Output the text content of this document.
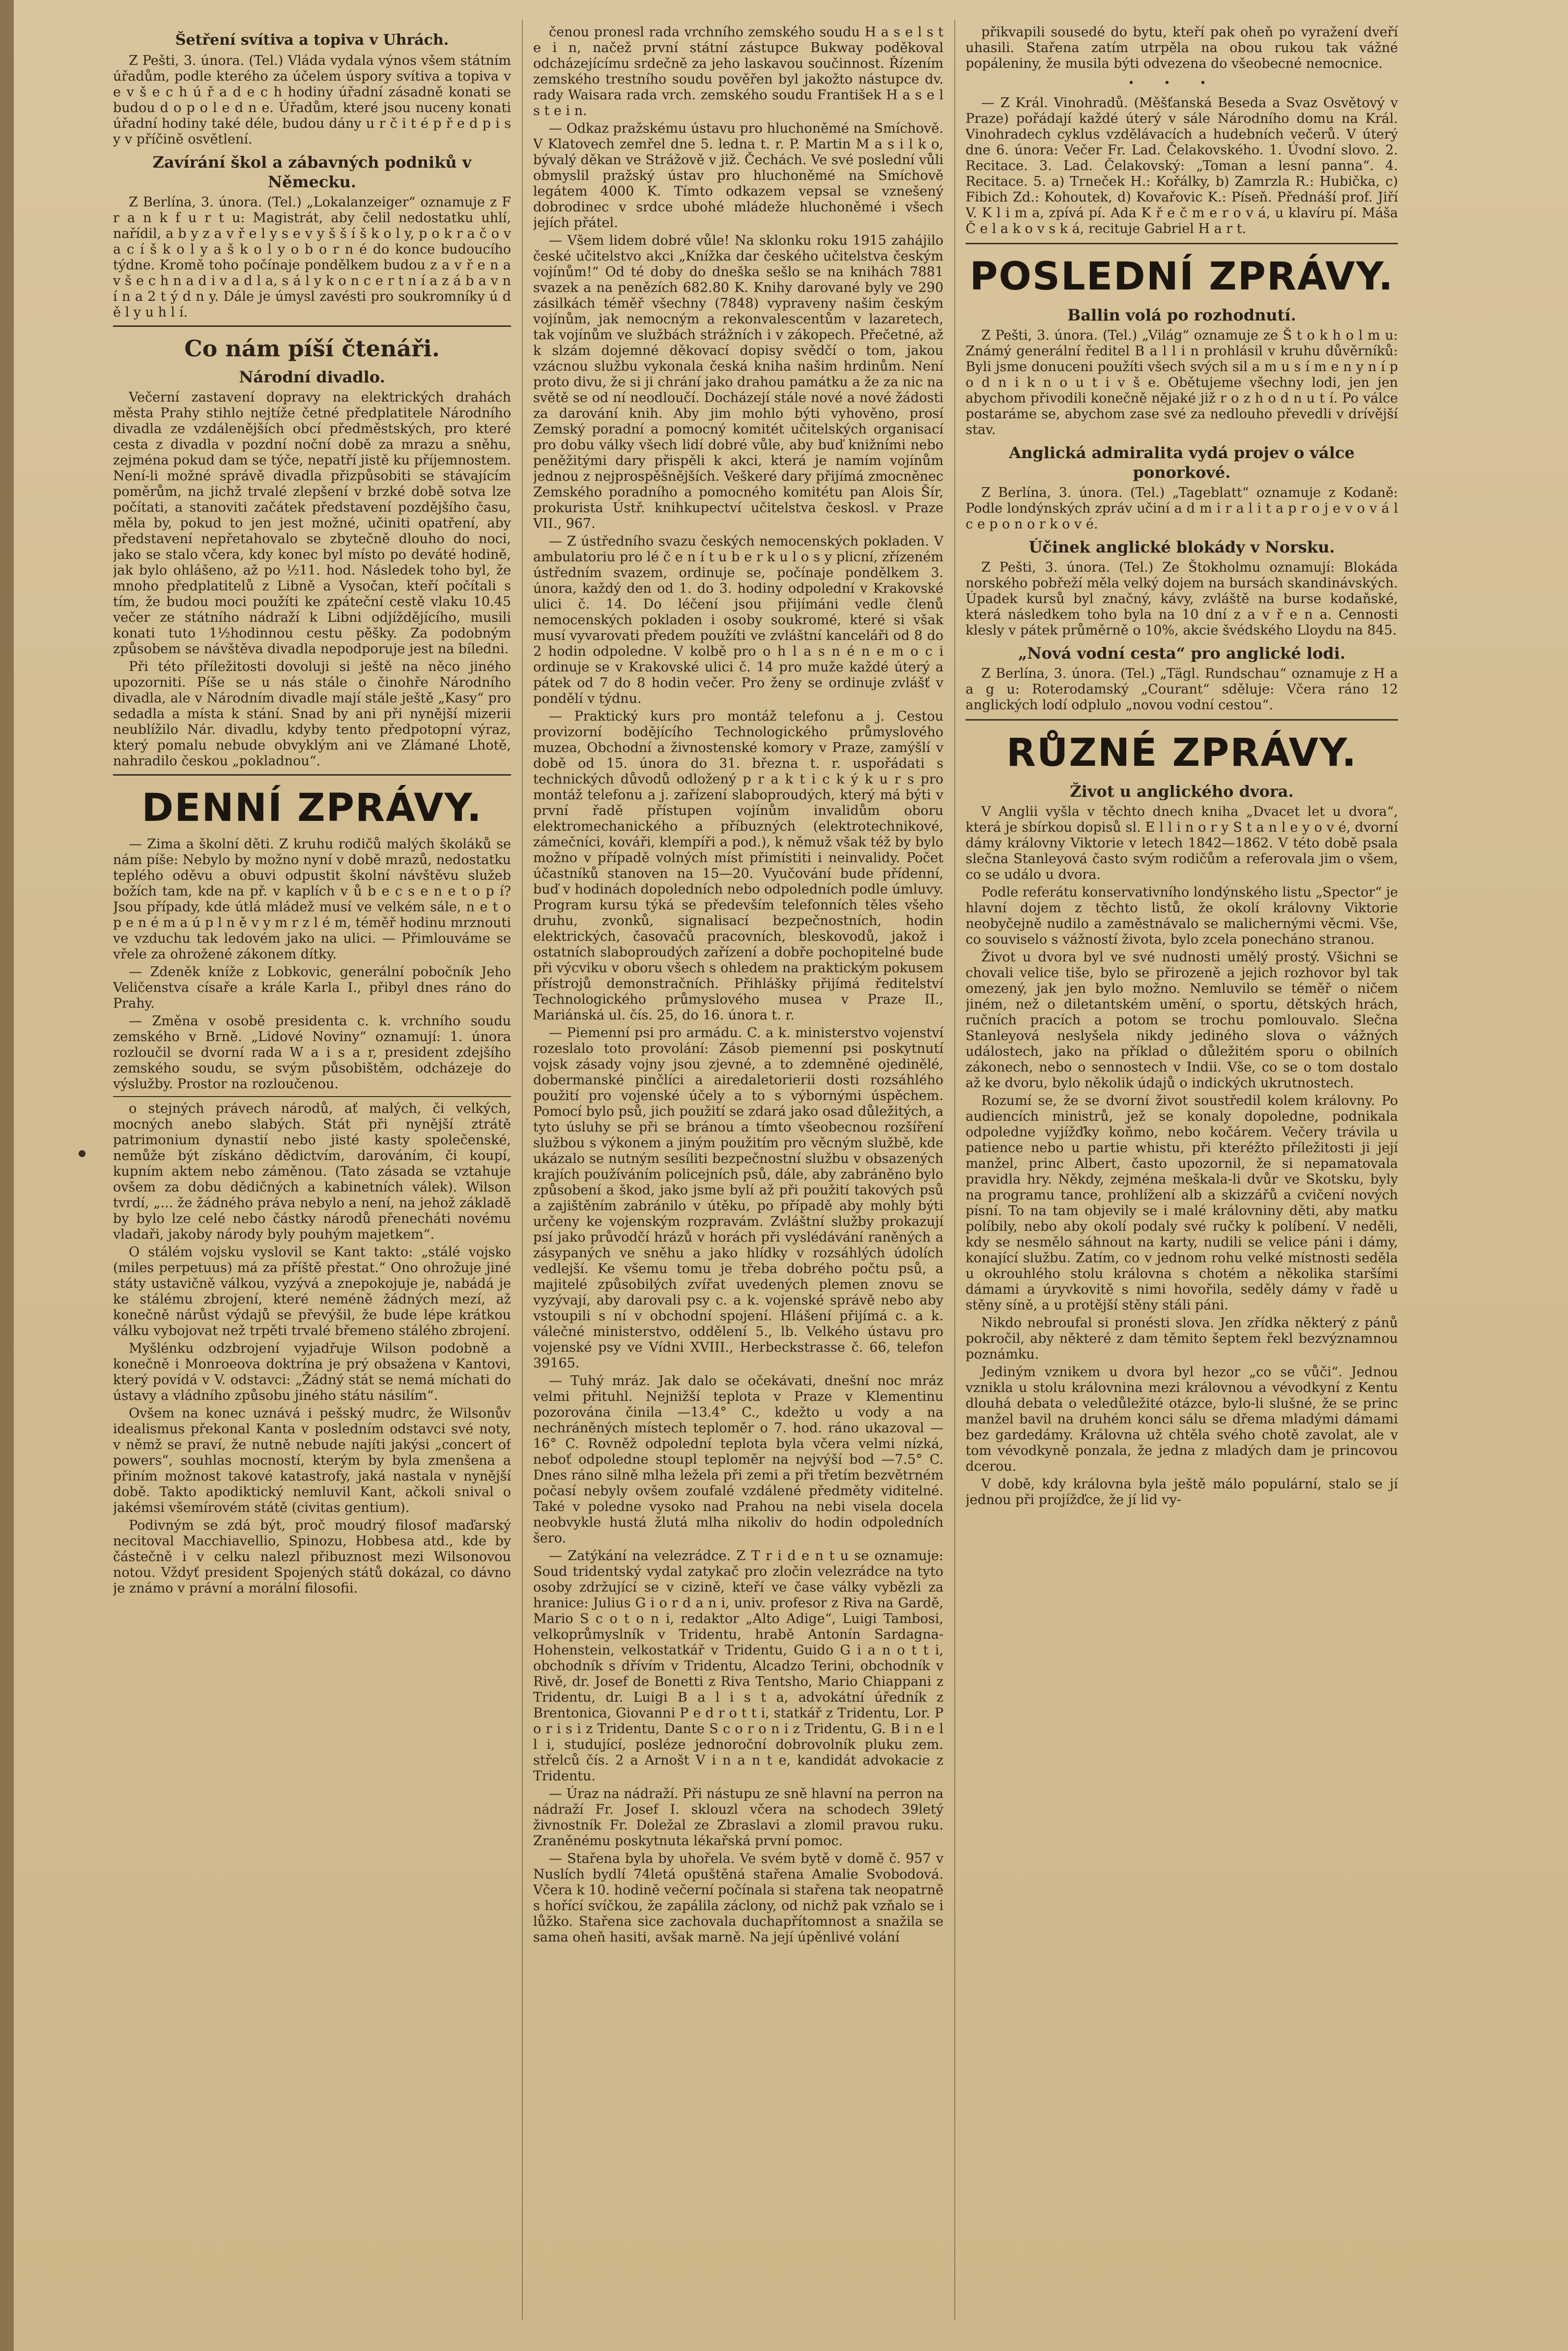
Šetření svítiva a topiva v Uhrách.

Z Pešti, 3. února. (Tel.) Vláda vydala výnos všem státním úřadům, podle kterého za účelem úspory svítiva a topiva v e v š e c h ú ř a d e c h hodiny úřadní zásadně konati se budou d o p o l e d n e. Úřadům, které jsou nuceny konati úřadní hodiny také déle, budou dány u r č i t é p ř e d p i s y v příčině osvětlení.

Zavírání škol a zábavných podniků v Německu.

Z Berlína, 3. února. (Tel.) „Lokalanzeiger“ oznamuje z F r a n k f u r t u: Magistrát, aby čelil nedostatku uhlí, nařídil, a b y z a v ř e l y s e v y š š í š k o l y, p o k r a č o v a c í š k o l y a š k o l y o b o r n é do konce budoucího týdne. Kromě toho počínaje pondělkem budou z a v ř e n a v š e c h n a d i v a d l a, s á l y k o n c e r t n í a z á b a v n í n a 2 t ý d n y. Dále je úmysl zavésti pro soukromníky ú d ě l y u h l í.

Co nám píší čtenáři.
Národní divadlo.

Večerní zastavení dopravy na elektrických drahách města Prahy stihlo nejtíže četné předplatitele Národního divadla ze vzdálenějších obcí předměstských, pro které cesta z divadla v pozdní noční době za mrazu a sněhu, zejména pokud dam se týče, nepatří jistě ku příjemnostem. Není-li možné správě divadla přizpůsobiti se stávajícím poměrům, na jichž trvalé zlepšení v brzké době sotva lze počítati, a stanoviti začátek představení pozdějšího času, měla by, pokud to jen jest možné, učiniti opatření, aby představení nepřetahovalo se zbytečně dlouho do noci, jako se stalo včera, kdy konec byl místo po deváté hodině, jak bylo ohlášeno, až po ½11. hod. Následek toho byl, že mnoho předplatitelů z Libně a Vysočan, kteří počítali s tím, že budou moci použíti ke zpáteční cestě vlaku 10.45 večer ze státního nádraží k Libni odjíždějícího, musili konati tuto 1½hodinnou cestu pěšky. Za podobným způsobem se návštěva divadla nepodporuje jest na bíledni.

Při této příležitosti dovoluji si ještě na něco jiného upozorniti. Píše se u nás stále o činohře Národního divadla, ale v Národním divadle mají stále ještě „Kasy“ pro sedadla a místa k stání. Snad by ani při nynější mizerii neublížilo Nár. divadlu, kdyby tento předpotopní výraz, který pomalu nebude obvyklým ani ve Zlámané Lhotě, nahradilo českou „pokladnou“.

DENNÍ ZPRÁVY.

— Zima a školní děti. Z kruhu rodičů malých školáků se nám píše: Nebylo by možno nyní v době mrazů, nedostatku teplého oděvu a obuvi odpustit školní návštěvu služeb božích tam, kde na př. v kaplích v ů b e c s e n e t o p í? Jsou případy, kde útlá mládež musí ve velkém sále, n e t o p e n é m a ú p l n ě v y m r z l é m, téměř hodinu mrznouti ve vzduchu tak ledovém jako na ulici. — Přimlouváme se vřele za ohrožené zákonem dítky.

— Zdeněk kníže z Lobkovic, generální pobočník Jeho Veličenstva císaře a krále Karla I., přibyl dnes ráno do Prahy.

— Změna v osobě presidenta c. k. vrchního soudu zemského v Brně. „Lidové Noviny“ oznamují: 1. února rozloučil se dvorní rada W a i s a r, president zdejšího zemského soudu, se svým působištěm, odcházeje do výslužby. Prostor na rozloučenou.

o stejných právech národů, ať malých, či velkých, mocných anebo slabých. Stát při nynější ztrátě patrimonium dynastií nebo jisté kasty společenské, nemůže být získáno dědictvím, darováním, či koupí, kupním aktem nebo záměnou. (Tato zásada se vztahuje ovšem za dobu dědičných a kabinetních válek). Wilson tvrdí, „... že žádného práva nebylo a není, na jehož základě by bylo lze celé nebo částky národů přenecháti novému vladaři, jakoby národy byly pouhým majetkem“.

O stálém vojsku vyslovil se Kant takto: „stálé vojsko (miles perpetuus) má za příště přestat.“ Ono ohrožuje jiné státy ustavičně válkou, vyzývá a znepokojuje je, nabádá je ke stálému zbrojení, které neméně žádných mezí, až konečně nárůst výdajů se převýšil, že bude lépe krátkou válku vybojovat než trpěti trvalé břemeno stálého zbrojení.

Myšlénku odzbrojení vyjadřuje Wilson podobně a konečně i Monroeova doktrína je prý obsažena v Kantovi, který povídá v V. odstavci: „Žádný stát se nemá míchati do ústavy a vládního způsobu jiného státu násilím“.

Ovšem na konec uznává i pešský mudrc, že Wilsonův idealismus překonal Kanta v posledním odstavci své noty, v němž se praví, že nutně nebude najíti jakýsi „concert of powers“, souhlas mocností, kterým by byla zmenšena a přiním možnost takové katastrofy, jaká nastala v nynější době. Takto apodiktický nemluvil Kant, ačkoli snival o jakémsi všemírovém státě (civitas gentium).

Podivným se zdá být, proč moudrý filosof maďarský necitoval Macchiavellio, Spinozu, Hobbesa atd., kde by částečně i v celku nalezl přibuznost mezi Wilsonovou notou. Vždyť president Spojených států dokázal, co dávno je známo v právní a morální filosofii.

čenou pronesl rada vrchního zemského soudu H a s e l s t e i n, načež první státní zástupce Bukway poděkoval odcházejícímu srdečně za jeho laskavou součinnost. Řízením zemského trestního soudu pověřen byl jakožto nástupce dv. rady Waisara rada vrch. zemského soudu František H a s e l s t e i n.

— Odkaz pražskému ústavu pro hluchoněmé na Smíchově. V Klatovech zemřel dne 5. ledna t. r. P. Martin M a s i l k o, bývalý děkan ve Strážově v již. Čechách. Ve své poslední vůli obmyslil pražský ústav pro hluchoněmé na Smíchově legátem 4000 K. Tímto odkazem vepsal se vznešený dobrodinec v srdce ubohé mládeže hluchoněmé i všech jejích přátel.

— Všem lidem dobré vůle! Na sklonku roku 1915 zahájilo české učitelstvo akci „Knížka dar českého učitelstva českým vojínům!“ Od té doby do dneška sešlo se na knihách 7881 svazek a na penězích 682.80 K. Knihy darované byly ve 290 zásilkách téměř všechny (7848) vypraveny našim českým vojínům, jak nemocným a rekonvalescentům v lazaretech, tak vojínům ve službách strážních i v zákopech. Přečetné, až k slzám dojemné děkovací dopisy svědčí o tom, jakou vzácnou službu vykonala česká kniha našim hrdinům. Není proto divu, že si ji chrání jako drahou památku a že za nic na světě se od ní neodloučí. Docházejí stále nové a nové žádosti za darování knih. Aby jim mohlo býti vyhověno, prosí Zemský poradní a pomocný komitét učitelských organisací pro dobu války všech lidí dobré vůle, aby buď knižními nebo peněžitými dary přispěli k akci, která je namím vojínům jednou z nejprospěšnějších. Veškeré dary přijímá zmocněnec Zemského poradního a pomocného komitétu pan Alois Šír, prokurista Ústř. knihkupectví učitelstva českosl. v Praze VII., 967.

— Z ústředního svazu českých nemocenských pokladen. V ambulatoriu pro lé č e n í t u b e r k u l o s y plicní, zřízeném ústředním svazem, ordinuje se, počínaje pondělkem 3. února, každý den od 1. do 3. hodiny odpolední v Krakovské ulici č. 14. Do léčení jsou přijímáni vedle členů nemocenských pokladen i osoby soukromé, které si však musí vyvarovati předem použíti ve zvláštní kanceláři od 8 do 2 hodin odpoledne. V kolbě pro o h l a s n é n e m o c i ordinuje se v Krakovské ulici č. 14 pro muže každé úterý a pátek od 7 do 8 hodin večer. Pro ženy se ordinuje zvlášť v pondělí v týdnu.

— Praktický kurs pro montáž telefonu a j. Cestou provizorní bodějícího Technologického průmyslového muzea, Obchodní a živnostenské komory v Praze, zamýšlí v době od 15. února do 31. března t. r. uspořádati s technických důvodů odložený p r a k t i c k ý k u r s pro montáž telefonu a j. zařízení slaboproudých, který má býti v první řadě přístupen vojínům invalidům oboru elektromechanického a příbuzných (elektrotechnikové, zámečníci, kováři, klempíři a pod.), k němuž však též by bylo možno v případě volných míst přimístiti i neinvalidy. Počet účastníků stanoven na 15—20. Vyučování bude přídenní, buď v hodinách dopoledních nebo odpoledních podle úmluvy. Program kursu týká se především telefonních těles všeho druhu, zvonků, signalisací bezpečnostních, hodin elektrických, časovačů pracovních, bleskovodů, jakož i ostatních slaboproudých zařízení a dobře pochopitelné bude při výcviku v oboru všech s ohledem na praktickým pokusem přístrojů demonstračních. Přihlášky přijímá ředitelství Technologického průmyslového musea v Praze II., Mariánská ul. čís. 25, do 16. února t. r.

— Piemenní psi pro armádu. C. a k. ministerstvo vojenství rozeslalo toto provolání: Zásob piemenní psi poskytnutí vojsk zásady vojny jsou zjevné, a to zdemněné ojedinělé, dobermanské pinčlíci a airedaletorierii dosti rozsáhlého použití pro vojenské účely a to s výbornými úspěchem. Pomocí bylo psů, jich použití se zdará jako osad důležitých, a tyto úsluhy se při se bránou a tímto všeobecnou rozšíření službou s výkonem a jiným použitím pro věcným službě, kde ukázalo se nutným sesíliti bezpečnostní službu v obsazených krajích používáním policejních psů, dále, aby zabráněno bylo způsobení a škod, jako jsme bylí až při použití takových psů a zajištěním zabránilo v útěku, po případě aby mohly býti určeny ke vojenským rozpravám. Zvláštní služby prokazují psí jako průvodčí hrázů v horách při vyslédávání raněných a zásypaných ve sněhu a jako hlídky v rozsáhlých údolích vedlejší. Ke všemu tomu je třeba dobrého počtu psů, a majitelé způsobilých zvířat uvedených plemen znovu se vyzývají, aby darovali psy c. a k. vojenské správě nebo aby vstoupili s ní v obchodní spojení. Hlášení přijímá c. a k. válečné ministerstvo, oddělení 5., lb. Velkého ústavu pro vojenské psy ve Vídni XVIII., Herbeckstrasse č. 66, telefon 39165.

— Tuhý mráz. Jak dalo se očekávati, dnešní noc mráz velmi přituhl. Nejnižší teplota v Praze v Klementinu pozorována činila —13.4° C., kdežto u vody a na nechráněných místech teploměr o 7. hod. ráno ukazoval —16° C. Rovněž odpolední teplota byla včera velmi nízká, neboť odpoledne stoupl teploměr na nejvýší bod —7.5° C. Dnes ráno silně mlha ležela při zemi a při třetím bezvětrném počasí nebyly ovšem zoufalé vzdálené předměty viditelné. Také v poledne vysoko nad Prahou na nebi visela docela neobvykle hustá žlutá mlha nikoliv do hodin odpoledních šero.

— Zatýkání na velezrádce. Z T r i d e n t u se oznamuje: Soud tridentský vydal zatykač pro zločin velezrádce na tyto osoby zdržující se v cizině, kteří ve čase války vybězli za hranice: Julius G i o r d a n i, univ. profesor z Riva na Gardě, Mario S c o t o n i, redaktor „Alto Adige“, Luigi Tambosi, velkoprůmyslník v Tridentu, hrabě Antonín Sardagna-Hohenstein, velkostatkář v Tridentu, Guido G i a n o t t i, obchodník s dřívím v Tridentu, Alcadzo Terini, obchodník v Rivě, dr. Josef de Bonetti z Riva Tentsho, Mario Chiappani z Tridentu, dr. Luigi B a l i s t a, advokátní úředník z Brentonica, Giovanni P e d r o t t i, statkář z Tridentu, Lor. P o r i s i z Tridentu, Dante S c o r o n i z Tridentu, G. B i n e l l i, studující, posléze jednoroční dobrovolník pluku zem. střelců čís. 2 a Arnošt V i n a n t e, kandidát advokacie z Tridentu.

— Úraz na nádraží. Při nástupu ze sně hlavní na perron na nádraží Fr. Josef I. sklouzl včera na schodech 39letý živnostník Fr. Doležal ze Zbraslavi a zlomil pravou ruku. Zraněnému poskytnuta lékařská první pomoc.

— Stařena byla by uhořela. Ve svém bytě v domě č. 957 v Nuslích bydlí 74letá opuštěná stařena Amalie Svobodová. Včera k 10. hodině večerní počínala si stařena tak neopatrně s hořící svíčkou, že zapálila záclony, od nichž pak vzňalo se i lůžko. Stařena sice zachovala duchapřítomnost a snažila se sama oheň hasiti, avšak marně. Na její úpěnlivé volání

přikvapili sousedé do bytu, kteří pak oheň po vyražení dveří uhasili. Stařena zatím utrpěla na obou rukou tak vážné popáleniny, že musila býti odvezena do všeobecné nemocnice.

•••

— Z Král. Vinohradů. (Měšťanská Beseda a Svaz Osvětový v Praze) pořádají každé úterý v sále Národního domu na Král. Vinohradech cyklus vzdělávacích a hudebních večerů. V úterý dne 6. února: Večer Fr. Lad. Čelakovského. 1. Úvodní slovo. 2. Recitace. 3. Lad. Čelakovský: „Toman a lesní panna“. 4. Recitace. 5. a) Trneček H.: Kořálky, b) Zamrzla R.: Hubička, c) Fibich Zd.: Kohoutek, d) Kovařovic K.: Píseň. Přednáší prof. Jiří V. K l i m a, zpívá pí. Ada K ř e č m e r o v á, u klavíru pí. Máša Č e l a k o v s k á, recituje Gabriel H a r t.

POSLEDNÍ ZPRÁVY.
Ballin volá po rozhodnutí.

Z Pešti, 3. února. (Tel.) „Világ“ oznamuje ze Š t o k h o l m u: Známý generální ředitel B a l l i n prohlásil v kruhu důvěrníků: Byli jsme donuceni použíti všech svých sil a m u s í m e n y n í p o d n i k n o u t i v š e. Obětujeme všechny lodi, jen jen abychom přivodili konečně nějaké již r o z h o d n u t í. Po válce postaráme se, abychom zase své za nedlouho převedli v drívější stav.

Anglická admiralita vydá projev o válce ponorkové.

Z Berlína, 3. února. (Tel.) „Tageblatt“ oznamuje z Kodaně: Podle londýnských zpráv učiní a d m i r a l i t a p r o j e v o v á l c e p o n o r k o v é.

Účinek anglické blokády v Norsku.

Z Pešti, 3. února. (Tel.) Ze Štokholmu oznamují: Blokáda norského pobřeží měla velký dojem na bursách skandinávských. Úpadek kursů byl značný, kávy, zvláště na burse kodaňské, která následkem toho byla na 10 dní z a v ř e n a. Cennosti klesly v pátek průměrně o 10%, akcie švédského Lloydu na 845.

„Nová vodní cesta“ pro anglické lodi.

Z Berlína, 3. února. (Tel.) „Tägl. Rundschau“ oznamuje z H a a g u: Roterodamský „Courant“ sděluje: Včera ráno 12 anglických lodí odplulo „novou vodní cestou“.

RŮZNÉ ZPRÁVY.
Život u anglického dvora.

V Anglii vyšla v těchto dnech kniha „Dvacet let u dvora“, která je sbírkou dopisů sl. E l l i n o r y S t a n l e y o v é, dvorní dámy královny Viktorie v letech 1842—1862. V této době psala slečna Stanleyová často svým rodičům a referovala jim o všem, co se událo u dvora.

Podle referátu konservativního londýnského listu „Spector“ je hlavní dojem z těchto listů, že okolí královny Viktorie neobyčejně nudilo a zaměstnávalo se malichernými věcmi. Vše, co souviselo s vážností života, bylo zcela ponecháno stranou.

Život u dvora byl ve své nudnosti umělý prostý. Všichni se chovali velice tiše, bylo se přirozeně a jejich rozhovor byl tak omezený, jak jen bylo možno. Nemluvilo se téměř o ničem jiném, než o diletantském umění, o sportu, dětských hrách, ručních pracích a potom se trochu pomlouvalo. Slečna Stanleyová neslyšela nikdy jediného slova o vážných událostech, jako na příklad o důležitém sporu o obilních zákonech, nebo o sennostech v Indii. Vše, co se o tom dostalo až ke dvoru, bylo několik údajů o indických ukrutnostech.

Rozumí se, že se dvorní život soustředil kolem královny. Po audiencích ministrů, jež se konaly dopoledne, podnikala odpoledne vyjížďky koňmo, nebo kočárem. Večery trávila u patience nebo u partie whistu, při kteréžto příležitosti ji její manžel, princ Albert, často upozornil, že si nepamatovala pravidla hry. Někdy, zejména meškala-li dvůr ve Skotsku, byly na programu tance, prohlížení alb a skizzářů a cvičení nových písní. To na tam objevily se i malé královniny děti, aby matku políbily, nebo aby okolí podaly své ručky k políbení. V neděli, kdy se nesmělo sáhnout na karty, nudili se velice páni i dámy, konající službu. Zatím, co v jednom rohu velké místnosti seděla u okrouhlého stolu královna s chotém a několika staršími dámami a úryvkovitě s nimi hovořila, seděly dámy v řadě u stěny síně, a u protější stěny stáli páni.

Nikdo nebroufal si pronésti slova. Jen zřídka některý z pánů pokročil, aby některé z dam těmito šeptem řekl bezvýznamnou poznámku.

Jediným vznikem u dvora byl hezor „co se vůči“. Jednou vznikla u stolu královnina mezi královnou a vévodkyní z Kentu dlouhá debata o veledůležité otázce, bylo-li slušné, že se princ manžel bavil na druhém konci sálu se dřema mladými dámami bez gardedámy. Královna už chtěla svého chotě zavolat, ale v tom vévodkyně ponzala, že jedna z mladých dam je princovou dcerou.

V době, kdy královna byla ještě málo populární, stalo se jí jednou při projížďce, že jí lid vy-
